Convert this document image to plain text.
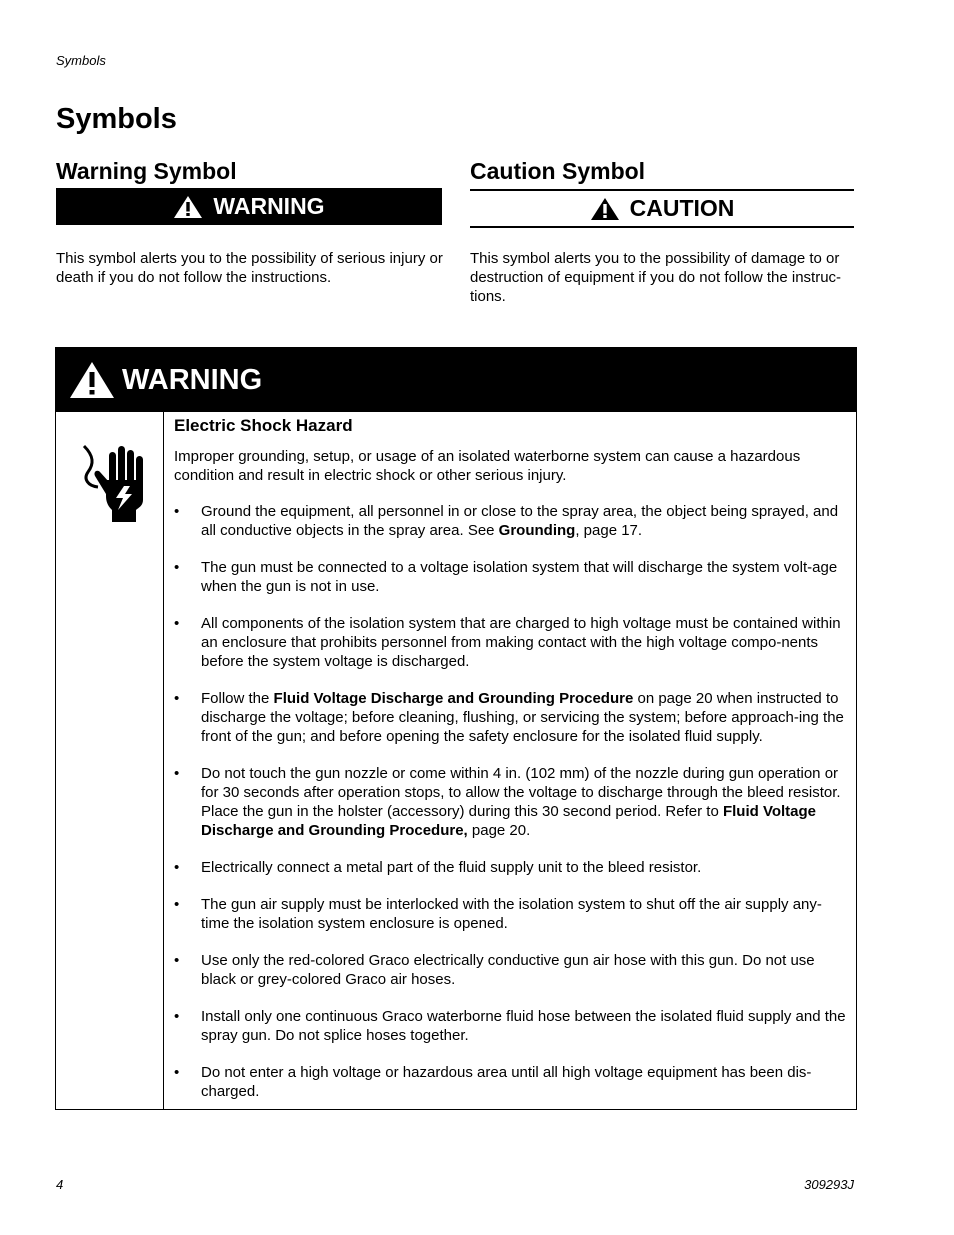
Symbols
Symbols
Warning Symbol
WARNING
This symbol alerts you to the possibility of serious injury or death if you do not follow the instructions.
Caution Symbol
CAUTION
This symbol alerts you to the possibility of damage to or destruction of equipment if you do not follow the instruc-tions.
WARNING
Electric Shock Hazard

Improper grounding, setup, or usage of an isolated waterborne system can cause a hazardous condition and result in electric shock or other serious injury.

• Ground the equipment, all personnel in or close to the spray area, the object being sprayed, and all conductive objects in the spray area. See Grounding, page 17.
• The gun must be connected to a voltage isolation system that will discharge the system volt-age when the gun is not in use.
• All components of the isolation system that are charged to high voltage must be contained within an enclosure that prohibits personnel from making contact with the high voltage compo-nents before the system voltage is discharged.
• Follow the Fluid Voltage Discharge and Grounding Procedure on page 20 when instructed to discharge the voltage; before cleaning, flushing, or servicing the system; before approach-ing the front of the gun; and before opening the safety enclosure for the isolated fluid supply.
• Do not touch the gun nozzle or come within 4 in. (102 mm) of the nozzle during gun operation or for 30 seconds after operation stops, to allow the voltage to discharge through the bleed resistor. Place the gun in the holster (accessory) during this 30 second period. Refer to Fluid Voltage Discharge and Grounding Procedure, page 20.
• Electrically connect a metal part of the fluid supply unit to the bleed resistor.
• The gun air supply must be interlocked with the isolation system to shut off the air supply any-time the isolation system enclosure is opened.
• Use only the red-colored Graco electrically conductive gun air hose with this gun. Do not use black or grey-colored Graco air hoses.
• Install only one continuous Graco waterborne fluid hose between the isolated fluid supply and the spray gun. Do not splice hoses together.
• Do not enter a high voltage or hazardous area until all high voltage equipment has been dis-charged.
4	309293J
